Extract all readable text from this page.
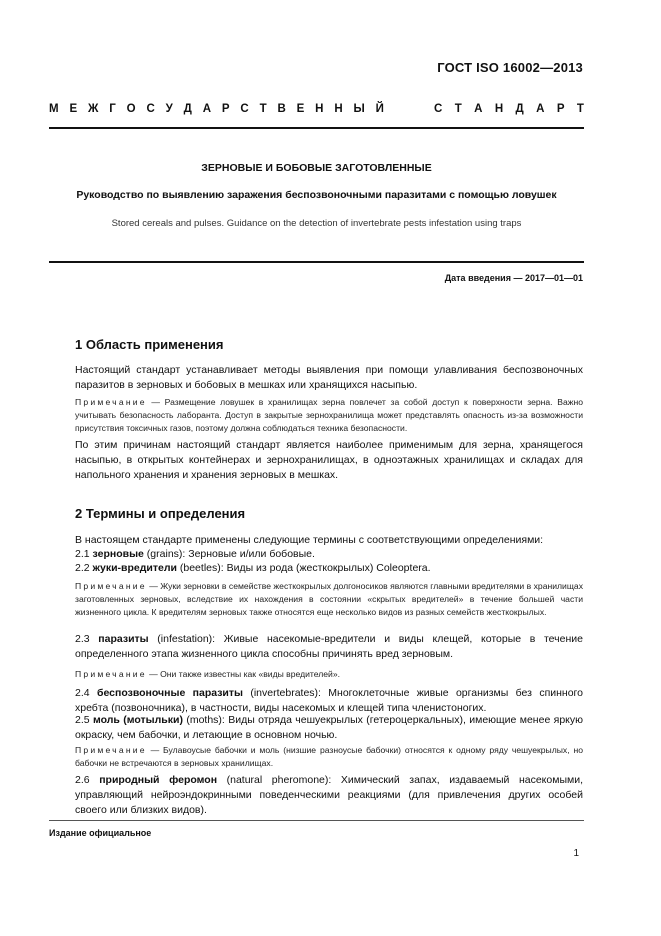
ГОСТ ISO 16002—2013
М Е Ж Г О С У Д А Р С Т В Е Н Н Ы Й	С Т А Н Д А Р Т
ЗЕРНОВЫЕ И БОБОВЫЕ ЗАГОТОВЛЕННЫЕ
Руководство по выявлению заражения беспозвоночными паразитами с помощью ловушек
Stored cereals and pulses. Guidance on the detection of invertebrate pests infestation using traps
Дата введения — 2017—01—01
1 Область применения
Настоящий стандарт устанавливает методы выявления при помощи улавливания беспозвоночных паразитов в зерновых и бобовых в мешках или хранящихся насыпью.
Примечание — Размещение ловушек в хранилищах зерна повлечет за собой доступ к поверхности зерна. Важно учитывать безопасность лаборанта. Доступ в закрытые зернохранилища может представлять опасность из-за возможности присутствия токсичных газов, поэтому должна соблюдаться техника безопасности.
По этим причинам настоящий стандарт является наиболее применимым для зерна, хранящегося насыпью, в открытых контейнерах и зернохранилищах, в одноэтажных хранилищах и складах для напольного хранения и хранения зерновых в мешках.
2 Термины и определения
В настоящем стандарте применены следующие термины с соответствующими определениями:
2.1 зерновые (grains): Зерновые и/или бобовые.
2.2 жуки-вредители (beetles): Виды из рода (жесткокрылых) Coleoptera.
Примечание — Жуки зерновки в семействе жесткокрылых долгоносиков являются главными вредителями в хранилищах заготовленных зерновых, вследствие их нахождения в состоянии «скрытых вредителей» в течение большей части жизненного цикла. К вредителям зерновых также относятся еще несколько видов из разных семейств жесткокрылых.
2.3 паразиты (infestation): Живые насекомые-вредители и виды клещей, которые в течение определенного этапа жизненного цикла способны причинять вред зерновым.
Примечание — Они также известны как «виды вредителей».
2.4 беспозвоночные паразиты (invertebrates): Многоклеточные живые организмы без спинного хребта (позвоночника), в частности, виды насекомых и клещей типа членистоногих.
2.5 моль (мотыльки) (moths): Виды отряда чешуекрылых (гетероцеркальных), имеющие менее яркую окраску, чем бабочки, и летающие в основном ночью.
Примечание — Булавоусые бабочки и моль (низшие разноусые бабочки) относятся к одному ряду чешуекрылых, но бабочки не встречаются в зерновых хранилищах.
2.6 природный феромон (natural pheromone): Химический запах, издаваемый насекомыми, управляющий нейроэндокринными поведенческими реакциями (для привлечения других особей своего или близких видов).
Издание официальное
1
